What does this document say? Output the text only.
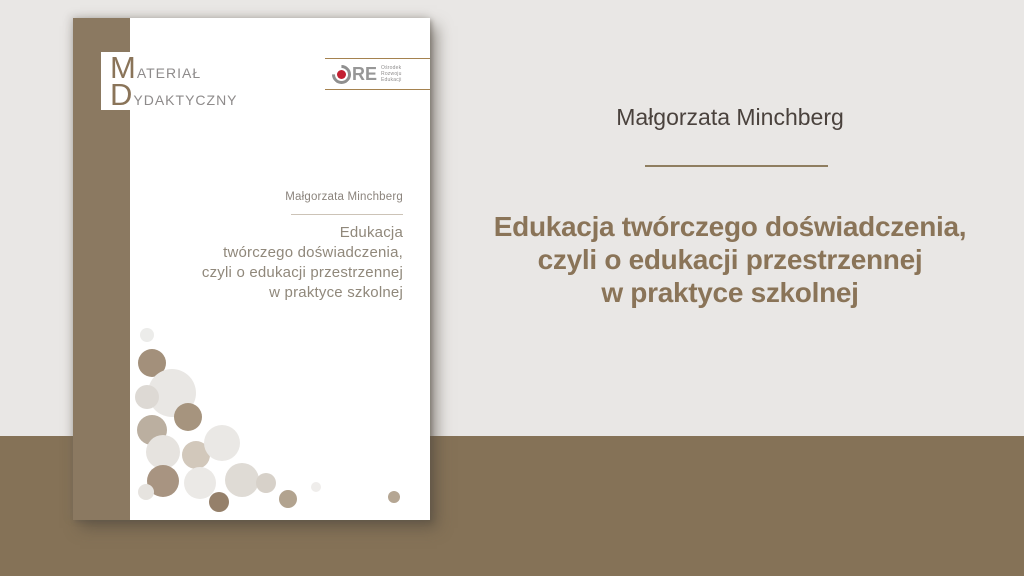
M ATERIAŁ
D YDAKTYCZNY
RE Ośrodek
Rozwoju
Edukacji
Małgorzata Minchberg
Edukacja
twórczego doświadczenia,
czyli o edukacji przestrzennej
w praktyce szkolnej
Małgorzata Minchberg
Edukacja twórczego doświadczenia,
czyli o edukacji przestrzennej
w praktyce szkolnej
